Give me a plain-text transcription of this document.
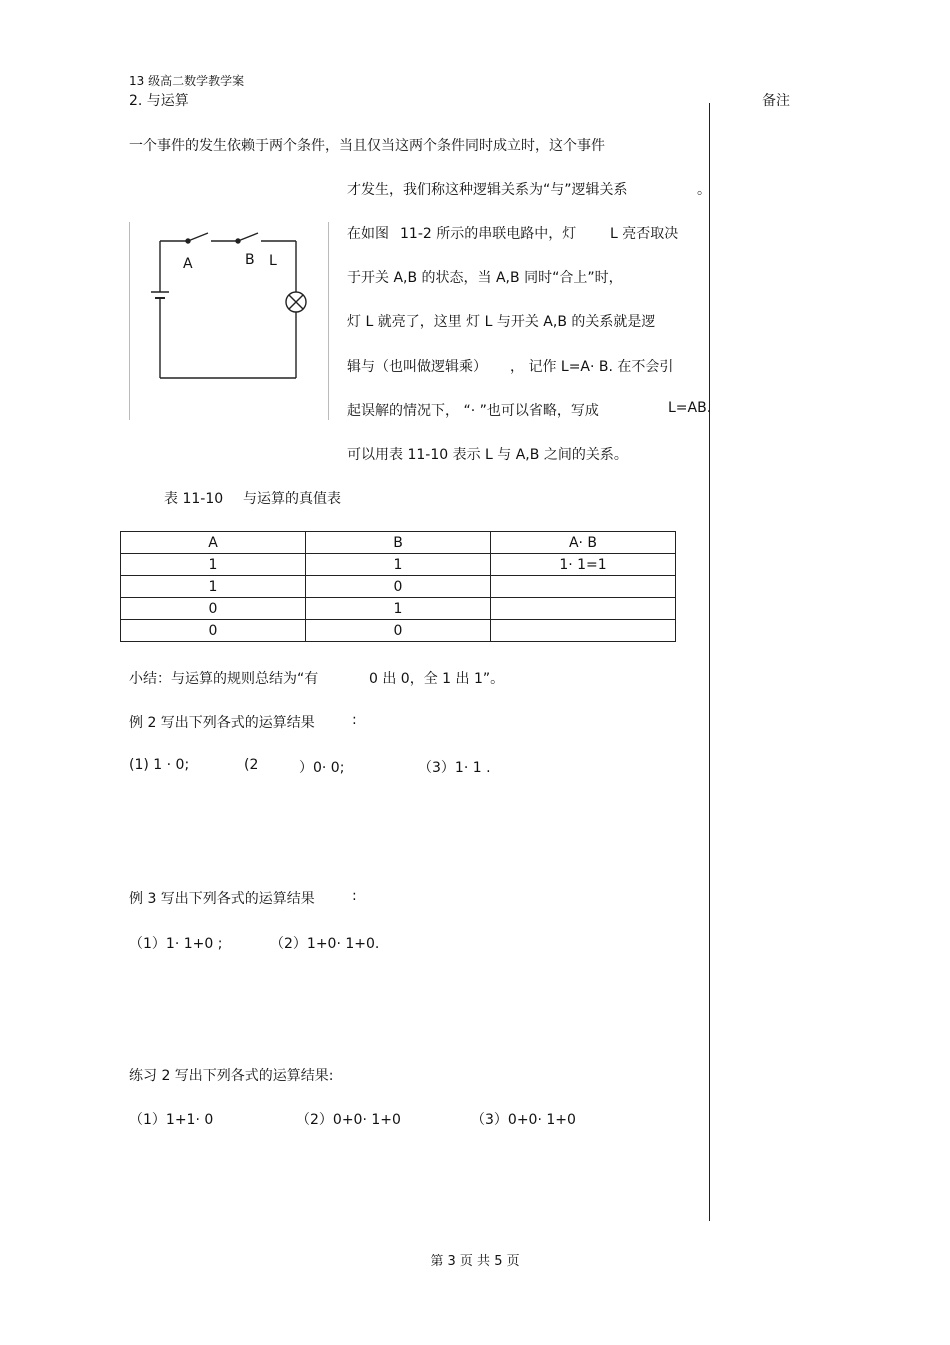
13 级高二数学教学案
2. 与运算	备注
一个事件的发生依赖于两个条件，当且仅当这两个条件同时成立时，这个事件
才发生，我们称这种逻辑关系为“与”逻辑关系	。
A	B L
在如图 11-2 所示的串联电路中，灯 L 亮否取决
于开关 A,B 的状态，当 A,B 同时“合上”时，
灯 L 就亮了，这里 灯 L 与开关 A,B 的关系就是逻
辑与（也叫做逻辑乘） ， 记作 L=A· B. 在不会引
起误解的情况下， “· ”也可以省略，写成	L=AB.
可以用表 11-10 表示 L 与 A,B 之间的关系。
表 11-10 与运算的真值表
A	B	A· B
1	1	1· 1=1
1	0	
0	1	
0	0	
小结：与运算的规则总结为“有	0 出 0，全 1 出 1”。
例 2 写出下列各式的运算结果	:
(1) 1 · 0;	(2	）0· 0;	（3）1· 1 .
例 3 写出下列各式的运算结果	:
（1）1· 1+0 ;	（2）1+0· 1+0.
练习 2 写出下列各式的运算结果:
（1）1+1· 0	（2）0+0· 1+0	（3）0+0· 1+0
第 3 页 共 5 页
